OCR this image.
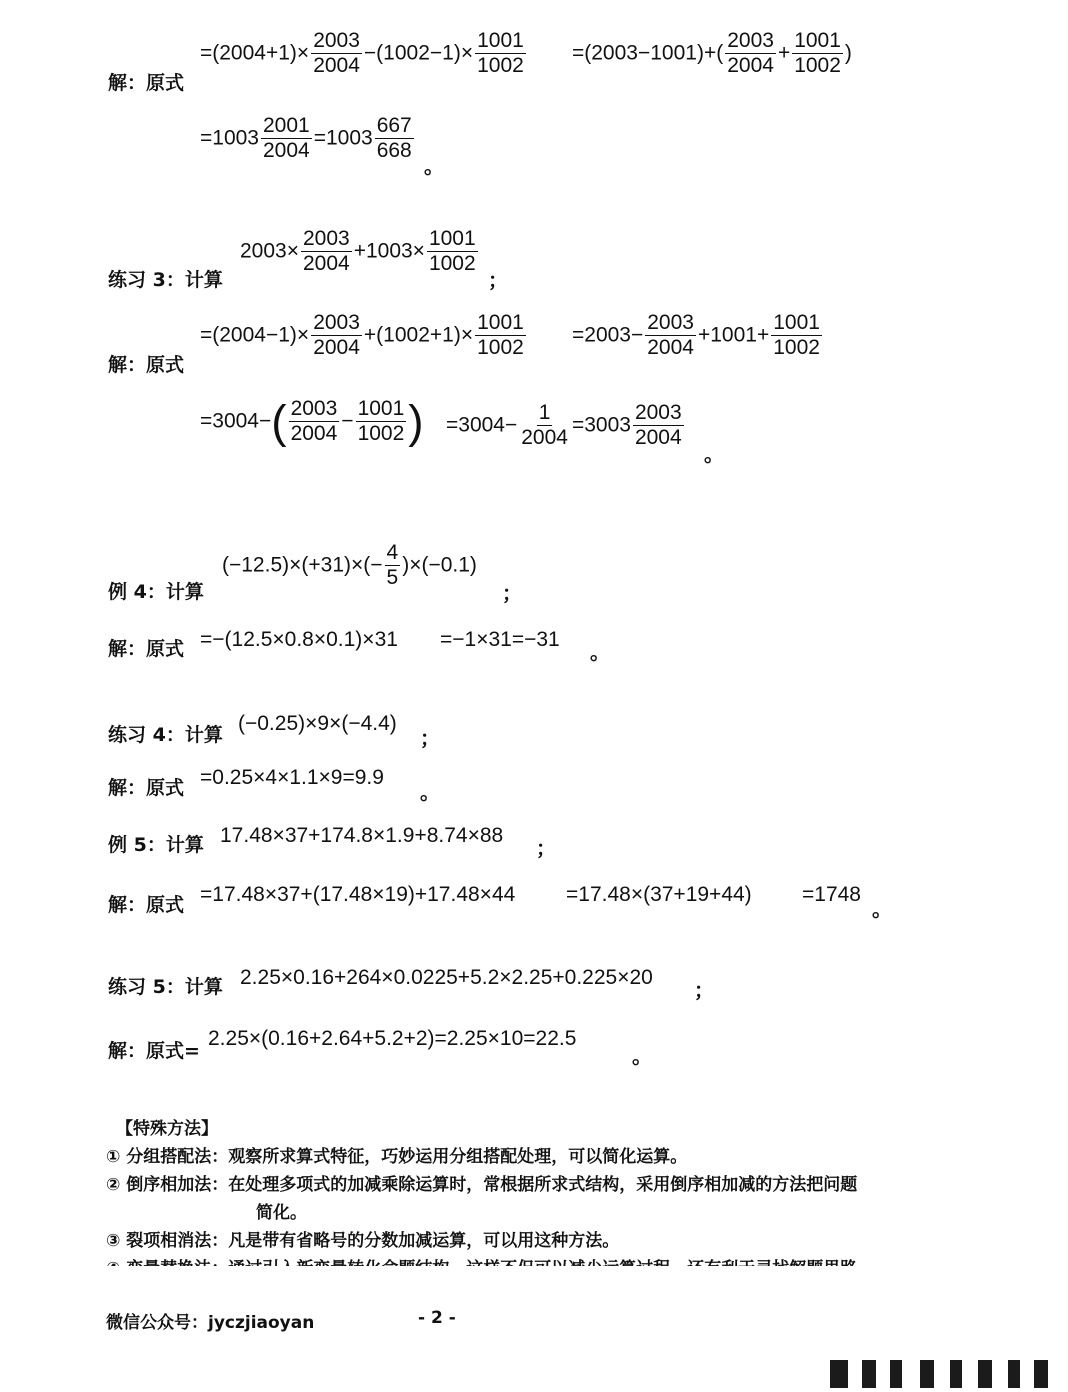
解：原式
$=(2004+1)\times \frac{2003}{2004} -(1002-1)\times \frac{1001}{1002} =(2003-1001)+( \frac{2003}{2004} + \frac{1001}{1002}$ )
$=1003 \frac{2001}{2004} =1003 \frac{667}{668}$
。
练习 3：计算
$2003\times \frac{2003}{2004} +1003\times \frac{1001}{1002}$
；
解：原式
$=(2004-1)\times \frac{2003}{2004} +(1002+1)\times \frac{1001}{1002} =2003- \frac{2003}{2004} +1001+ \frac{1001}{1002}$
$=3004-( \frac{2003}{2004} - \frac{1001}{1002}$ ) $=3004- \frac{1}{2004} =3003 \frac{2003}{2004}$
。
例 4：计算
$(-12.5)\times(+31)\times(- \frac{4}{5} )\times(-0.1)$
；
解：原式 =−(12.5×0.8×0.1)×31 =−1×31=−31
。
练习 4：计算 (−0.25)×9×(−4.4)
；
解：原式 =0.25×4×1.1×9=9.9
。
例 5：计算 17.48×37+174.8×1.9+8.74×88
；
解：原式 =17.48×37+(17.48×19)+17.48×44 =17.48×(37+19+44) =1748
。
练习 5：计算 2.25×0.16+264×0.0225+5.2×2.25+0.225×20
；
解：原式=
2.25×(0.16+2.64+5.2+2)=2.25×10=22.5
。
【特殊方法】
① 分组搭配法：观察所求算式特征，巧妙运用分组搭配处理，可以简化运算。
② 倒序相加法：在处理多项式的加减乘除运算时，常根据所求式结构，采用倒序相加减的方法把问题
简化。
③ 裂项相消法：凡是带有省略号的分数加减运算，可以用这种方法。
微信公众号：jyczjiaoyan	- 2 -
